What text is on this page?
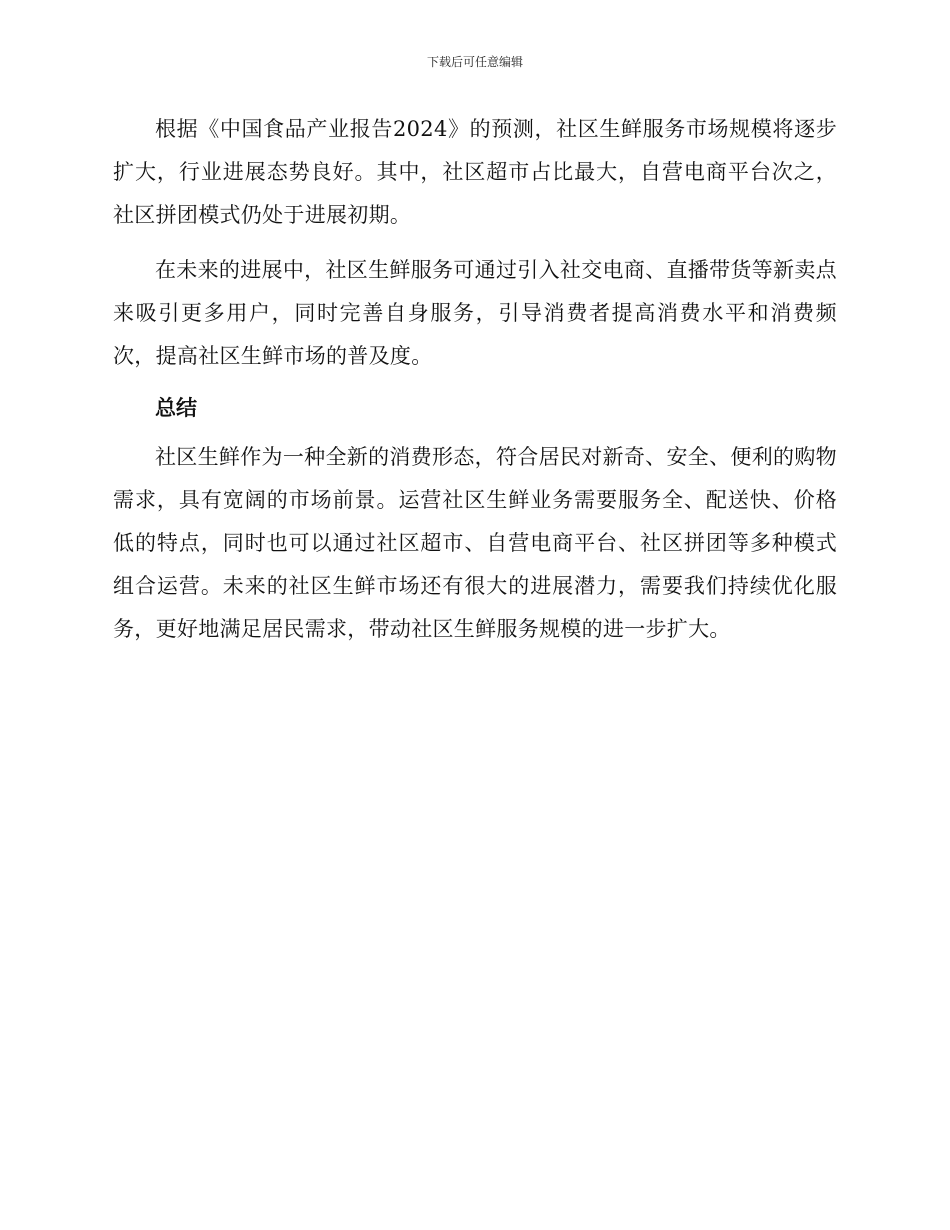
下载后可任意编辑

根据《中国食品产业报告2024》的预测，社区生鲜服务市场规模将逐步扩大，行业进展态势良好。其中，社区超市占比最大，自营电商平台次之，社区拼团模式仍处于进展初期。

在未来的进展中，社区生鲜服务可通过引入社交电商、直播带货等新卖点来吸引更多用户，同时完善自身服务，引导消费者提高消费水平和消费频次，提高社区生鲜市场的普及度。

总结

社区生鲜作为一种全新的消费形态，符合居民对新奇、安全、便利的购物需求，具有宽阔的市场前景。运营社区生鲜业务需要服务全、配送快、价格低的特点，同时也可以通过社区超市、自营电商平台、社区拼团等多种模式组合运营。未来的社区生鲜市场还有很大的进展潜力，需要我们持续优化服务，更好地满足居民需求，带动社区生鲜服务规模的进一步扩大。
